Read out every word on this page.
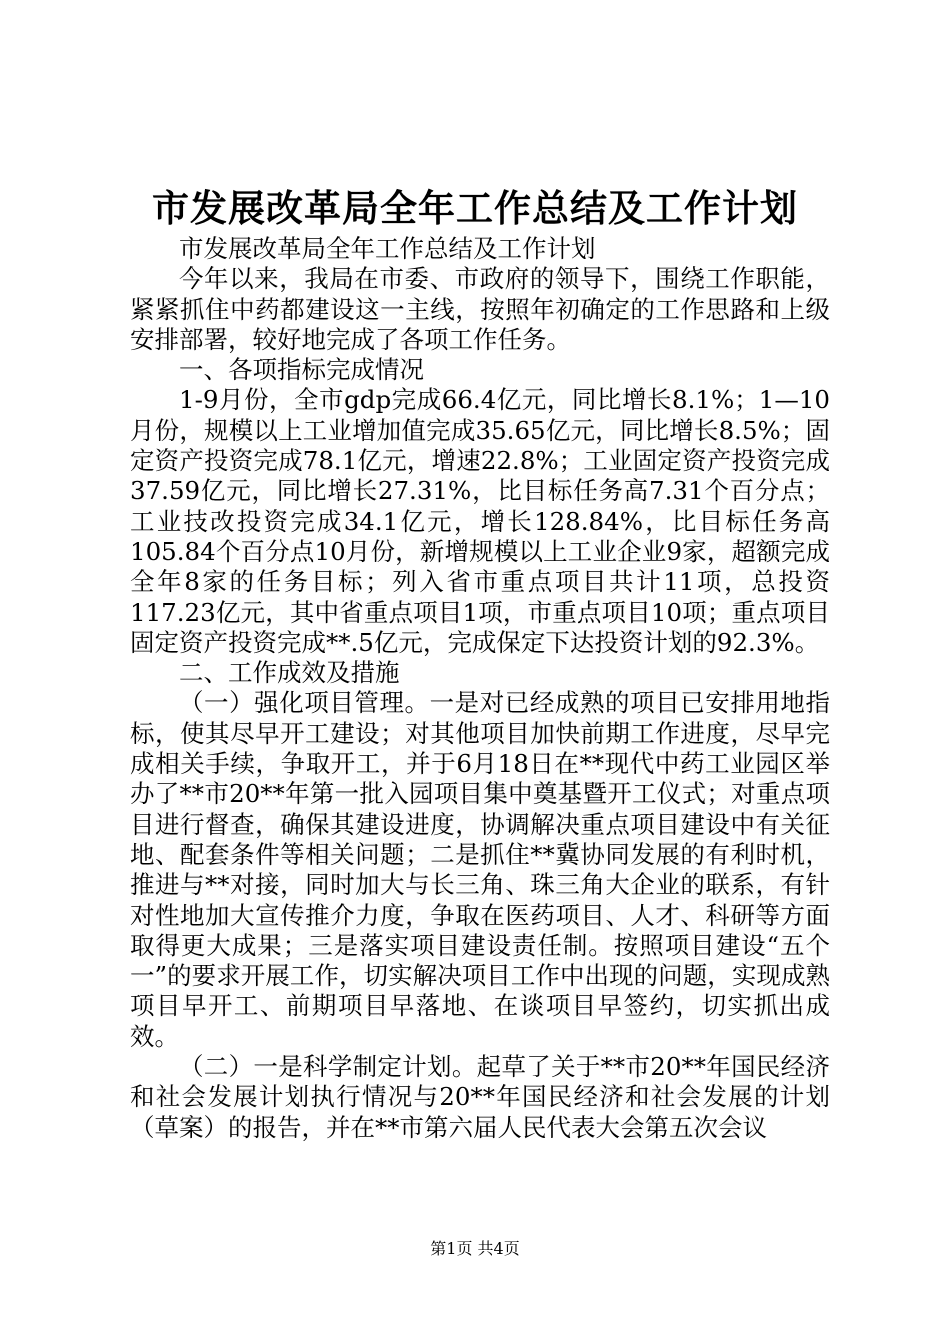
市发展改革局全年工作总结及工作计划

市发展改革局全年工作总结及工作计划

今年以来，我局在市委、市政府的领导下，围绕工作职能，紧紧抓住中药都建设这一主线，按照年初确定的工作思路和上级安排部署，较好地完成了各项工作任务。

一、各项指标完成情况

1-9月份，全市gdp完成66.4亿元，同比增长8.1%；1—10月份，规模以上工业增加值完成35.65亿元，同比增长8.5%；固定资产投资完成78.1亿元，增速22.8%；工业固定资产投资完成37.59亿元，同比增长27.31%，比目标任务高7.31个百分点；工业技改投资完成34.1亿元，增长128.84%，比目标任务高105.84个百分点10月份，新增规模以上工业企业9家，超额完成全年8家的任务目标；列入省市重点项目共计11项，总投资117.23亿元，其中省重点项目1项，市重点项目10项；重点项目固定资产投资完成**.5亿元，完成保定下达投资计划的92.3%。

二、工作成效及措施

（一）强化项目管理。一是对已经成熟的项目已安排用地指标，使其尽早开工建设；对其他项目加快前期工作进度，尽早完成相关手续，争取开工，并于6月18日在**现代中药工业园区举办了**市20**年第一批入园项目集中奠基暨开工仪式；对重点项目进行督查，确保其建设进度，协调解决重点项目建设中有关征地、配套条件等相关问题；二是抓住**冀协同发展的有利时机，推进与**对接，同时加大与长三角、珠三角大企业的联系，有针对性地加大宣传推介力度，争取在医药项目、人才、科研等方面取得更大成果；三是落实项目建设责任制。按照项目建设“五个一”的要求开展工作，切实解决项目工作中出现的问题，实现成熟项目早开工、前期项目早落地、在谈项目早签约，切实抓出成效。

（二）一是科学制定计划。起草了关于**市20**年国民经济和社会发展计划执行情况与20**年国民经济和社会发展的计划（草案）的报告，并在**市第六届人民代表大会第五次会议

第1页 共4页
